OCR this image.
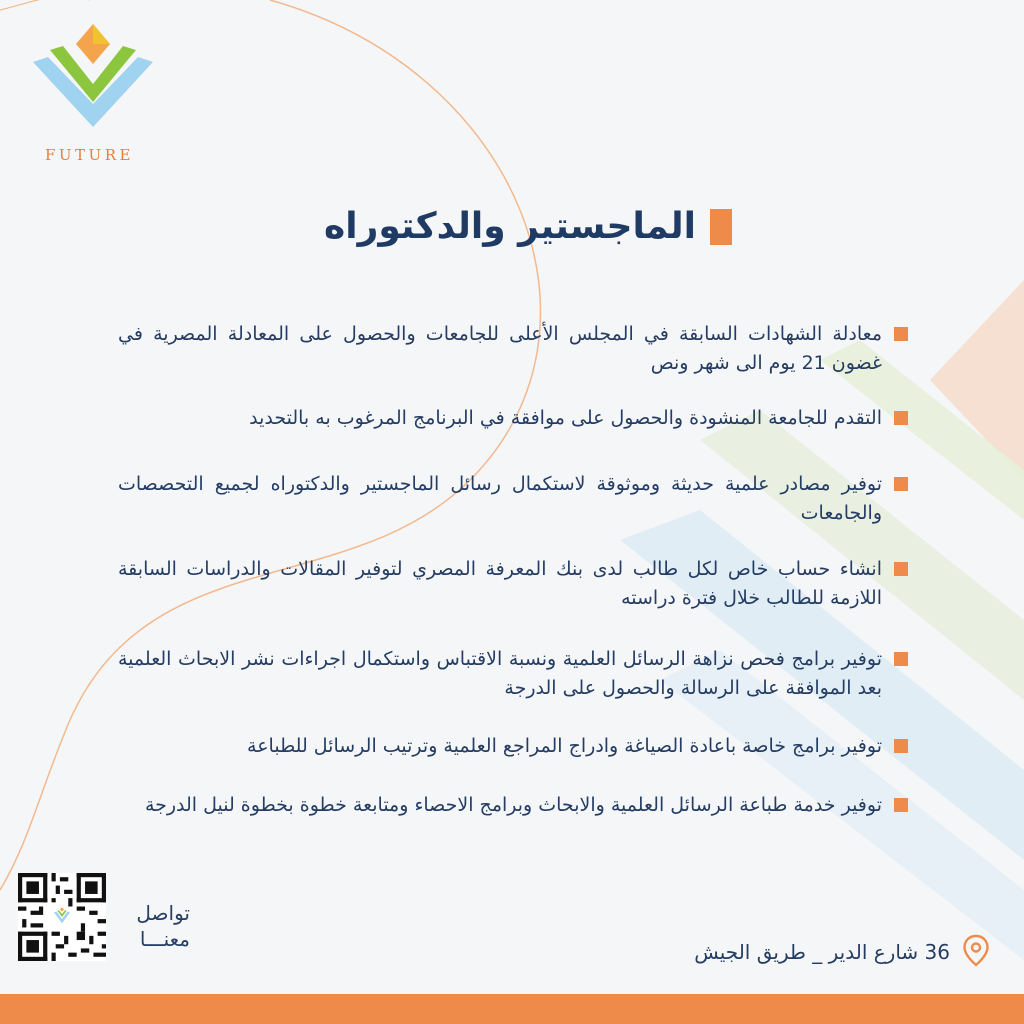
FUTURE
الماجستير والدكتوراه
معادلة الشهادات السابقة في المجلس الأعلى للجامعات والحصول على المعادلة المصرية في غضون 21 يوم الى شهر ونص
التقدم للجامعة المنشودة والحصول على موافقة في البرنامج المرغوب به بالتحديد
توفير مصادر علمية حديثة وموثوقة لاستكمال رسائل الماجستير والدكتوراه لجميع التحصصات والجامعات
انشاء حساب خاص لكل طالب لدى بنك المعرفة المصري لتوفير المقالات والدراسات السابقة اللازمة للطالب خلال فترة دراسته
توفير برامج فحص نزاهة الرسائل العلمية ونسبة الاقتباس واستكمال اجراءات نشر الابحاث العلمية بعد الموافقة على الرسالة والحصول على الدرجة
توفير برامج خاصة باعادة الصياغة وادراج المراجع العلمية وترتيب الرسائل للطباعة
توفير خدمة طباعة الرسائل العلمية والابحاث وبرامج الاحصاء ومتابعة خطوة بخطوة لنيل الدرجة
تواصل
معنـــا
36 شارع الدير _ طريق الجيش
